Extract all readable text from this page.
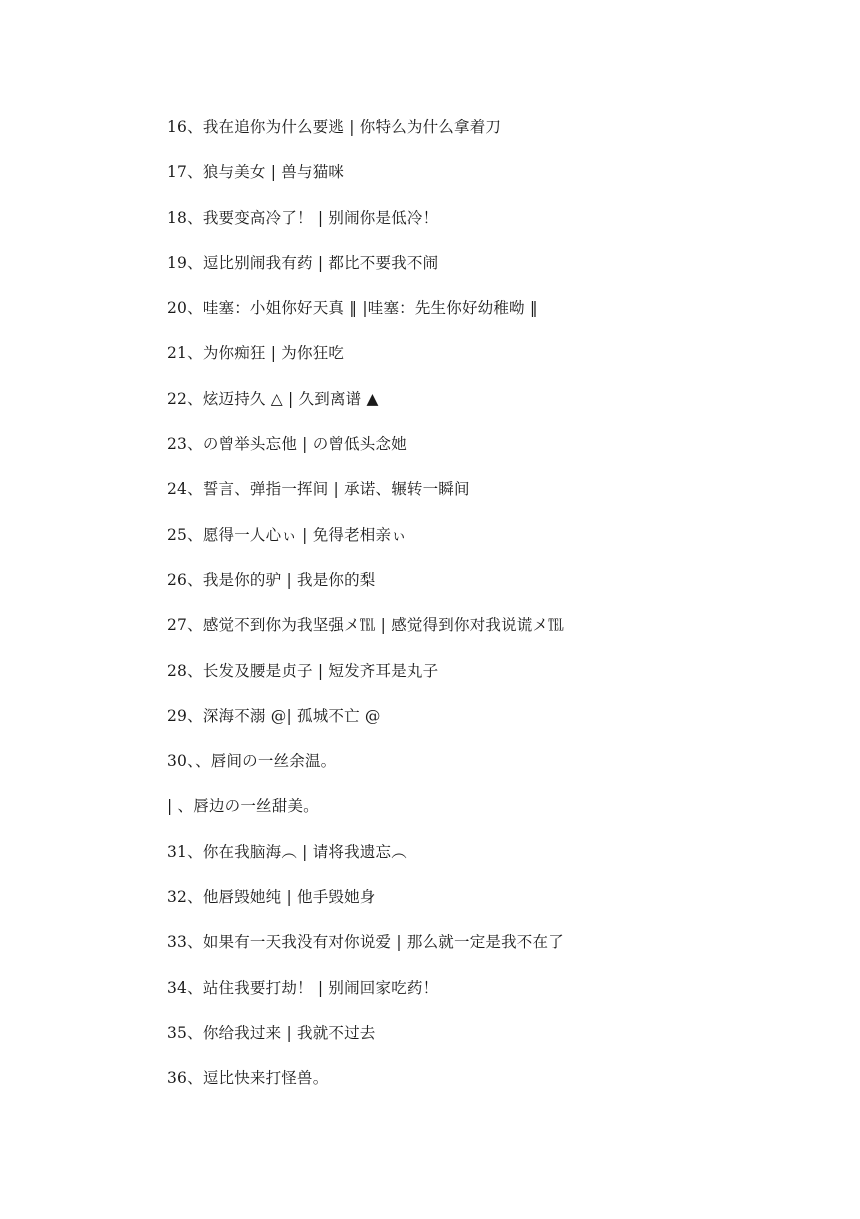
16、我在追你为什么要逃 | 你特么为什么拿着刀
17、狼与美女 | 兽与猫咪
18、我要变高冷了！ | 别闹你是低冷！
19、逗比别闹我有药 | 都比不要我不闹
20、哇塞：小姐你好天真 ‖ |哇塞：先生你好幼稚呦 ‖
21、为你痴狂 | 为你狂吃
22、炫迈持久 △ | 久到离谱 ▲
23、の曾举头忘他 | の曾低头念她
24、誓言、弹指一挥间 | 承诺、辗转一瞬间
25、愿得一人心ぃ | 免得老相亲ぃ
26、我是你的驴 | 我是你的梨
27、感觉不到你为我坚强メ℡ | 感觉得到你对我说谎メ℡
28、长发及腰是贞子 | 短发齐耳是丸子
29、深海不溺 @| 孤城不亡 @
30、、唇间の一丝余温。
| 、唇边の一丝甜美。
31、你在我脑海︵ | 请将我遗忘︵
32、他唇毁她纯 | 他手毁她身
33、如果有一天我没有对你说爱 | 那么就一定是我不在了
34、站住我要打劫！ | 别闹回家吃药！
35、你给我过来 | 我就不过去
36、逗比快来打怪兽。
